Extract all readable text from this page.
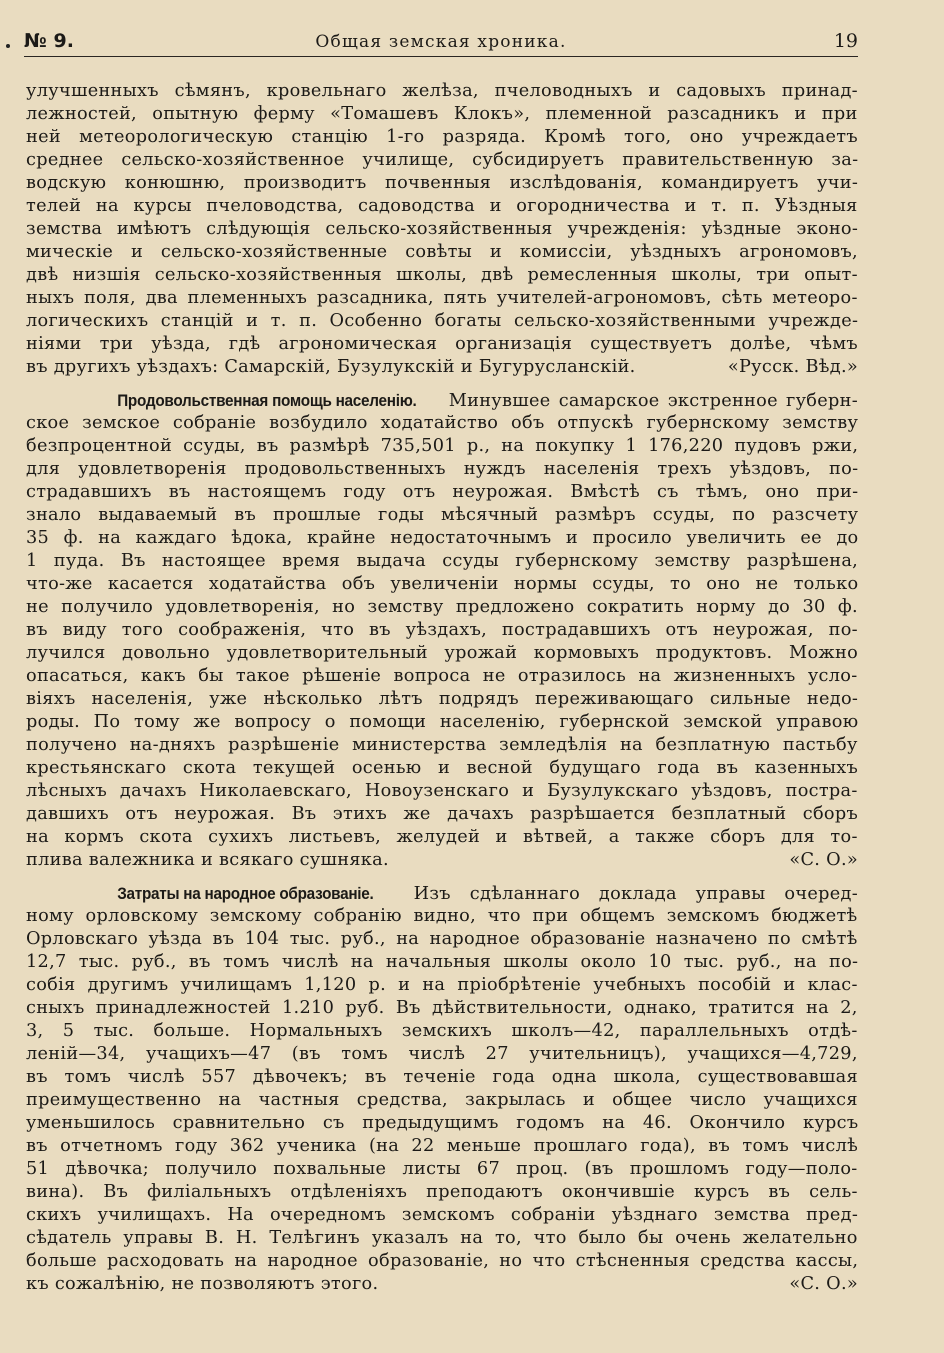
№ 9.	Общая земская хроника.	19
улучшенныхъ сѣмянъ, кровельнаго желѣза, пчеловодныхъ и садовыхъ принад-
лежностей, опытную ферму «Томашевъ Клокъ», племенной разсадникъ и при
ней метеорологическую станцію 1-го разряда. Кромѣ того, оно учреждаетъ
среднее сельско-хозяйственное училище, субсидируетъ правительственную за-
водскую конюшню, производитъ почвенныя изслѣдованія, командируетъ учи-
телей на курсы пчеловодства, садоводства и огородничества и т. п. Уѣздныя
земства имѣютъ слѣдующія сельско-хозяйственныя учрежденія: уѣздные эконо-
мическіе и сельско-хозяйственные совѣты и комиссіи, уѣздныхъ агрономовъ,
двѣ низшія сельско-хозяйственныя школы, двѣ ремесленныя школы, три опыт-
ныхъ поля, два племенныхъ разсадника, пять учителей-агрономовъ, сѣть метеоро-
логическихъ станцій и т. п. Особенно богаты сельско-хозяйственными учрежде-
ніями три уѣзда, гдѣ агрономическая организація существуетъ долѣе, чѣмъ
въ другихъ уѣздахъ: Самарскій, Бузулукскій и Бугурусланскій.	«Русск. Вѣд.»
Продовольственная помощь населенію. Минувшее самарское экстренное губерн-
ское земское собраніе возбудило ходатайство объ отпускѣ губернскому земству
безпроцентной ссуды, въ размѣрѣ 735,501 р., на покупку 1 176,220 пудовъ ржи,
для удовлетворенія продовольственныхъ нуждъ населенія трехъ уѣздовъ, по-
страдавшихъ въ настоящемъ году отъ неурожая. Вмѣстѣ съ тѣмъ, оно при-
знало выдаваемый въ прошлые годы мѣсячный размѣръ ссуды, по разсчету
35 ф. на каждаго ѣдока, крайне недостаточнымъ и просило увеличить ее до
1 пуда. Въ настоящее время выдача ссуды губернскому земству разрѣшена,
что-же касается ходатайства объ увеличеніи нормы ссуды, то оно не только
не получило удовлетворенія, но земству предложено сократить норму до 30 ф.
въ виду того соображенія, что въ уѣздахъ, пострадавшихъ отъ неурожая, по-
лучился довольно удовлетворительный урожай кормовыхъ продуктовъ. Можно
опасаться, какъ бы такое рѣшеніе вопроса не отразилось на жизненныхъ усло-
віяхъ населенія, уже нѣсколько лѣтъ подрядъ переживающаго сильные недо-
роды. По тому же вопросу о помощи населенію, губернской земской управою
получено на-дняхъ разрѣшеніе министерства земледѣлія на безплатную пастьбу
крестьянскаго скота текущей осенью и весной будущаго года въ казенныхъ
лѣсныхъ дачахъ Николаевскаго, Новоузенскаго и Бузулукскаго уѣздовъ, постра-
давшихъ отъ неурожая. Въ этихъ же дачахъ разрѣшается безплатный сборъ
на кормъ скота сухихъ листьевъ, желудей и вѣтвей, а также сборъ для то-
плива валежника и всякаго сушняка.	«С. О.»
Затраты на народное образованіе. Изъ сдѣланнаго доклада управы очеред-
ному орловскому земскому собранію видно, что при общемъ земскомъ бюджетѣ
Орловскаго уѣзда въ 104 тыс. руб., на народное образованіе назначено по смѣтѣ
12,7 тыс. руб., въ томъ числѣ на начальныя школы около 10 тыс. руб., на по-
собія другимъ училищамъ 1,120 р. и на пріобрѣтеніе учебныхъ пособій и клас-
сныхъ принадлежностей 1.210 руб. Въ дѣйствительности, однако, тратится на 2,
3, 5 тыс. больше. Нормальныхъ земскихъ школъ—42, параллельныхъ отдѣ-
леній—34, учащихъ—47 (въ томъ числѣ 27 учительницъ), учащихся—4,729,
въ томъ числѣ 557 дѣвочекъ; въ теченіе года одна школа, существовавшая
преимущественно на частныя средства, закрылась и общее число учащихся
уменьшилось сравнительно съ предыдущимъ годомъ на 46. Окончило курсъ
въ отчетномъ году 362 ученика (на 22 меньше прошлаго года), въ томъ числѣ
51 дѣвочка; получило похвальные листы 67 проц. (въ прошломъ году—поло-
вина). Въ филіальныхъ отдѣленіяхъ преподаютъ окончившіе курсъ въ сель-
скихъ училищахъ. На очередномъ земскомъ собраніи уѣзднаго земства пред-
сѣдатель управы В. Н. Телѣгинъ указалъ на то, что было бы очень желательно
больше расходовать на народное образованіе, но что стѣсненныя средства кассы,
къ сожалѣнію, не позволяютъ этого.	«С. О.»
